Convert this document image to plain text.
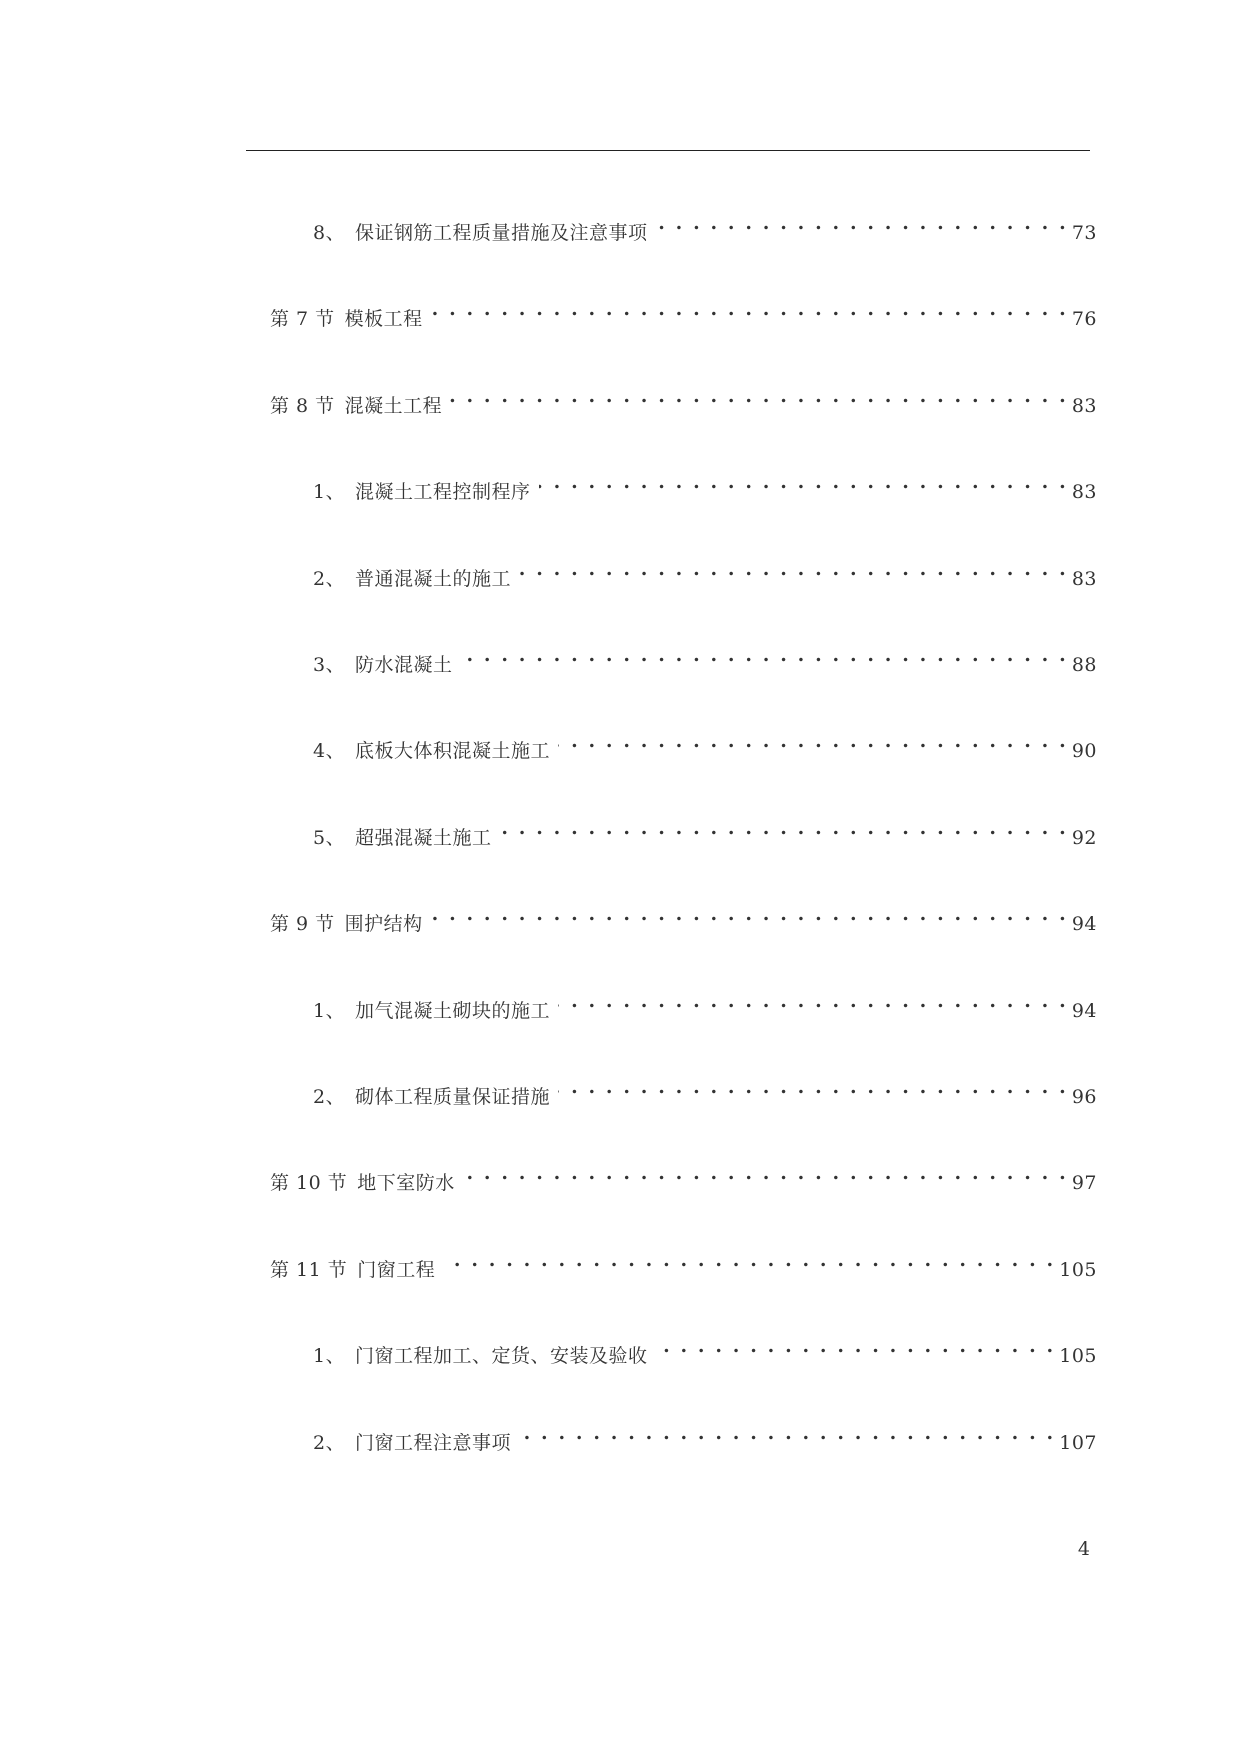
8、 保证钢筋工程质量措施及注意事项 . . .	73
第 7 节 模板工程 . . .	76
第 8 节 混凝土工程 . . .	83
1、 混凝土工程控制程序 . . .	83
2、 普通混凝土的施工 . . .	83
3、 防水混凝土 . . .	88
4、 底板大体积混凝土施工 . . .	90
5、 超强混凝土施工 . . .	92
第 9 节 围护结构 . . .	94
1、 加气混凝土砌块的施工 . . .	94
2、 砌体工程质量保证措施 . . .	96
第 10 节 地下室防水 . . .	97
第 11 节 门窗工程 . . .	105
1、 门窗工程加工、定货、安装及验收 . . .	105
2、 门窗工程注意事项 . . .	107
4
